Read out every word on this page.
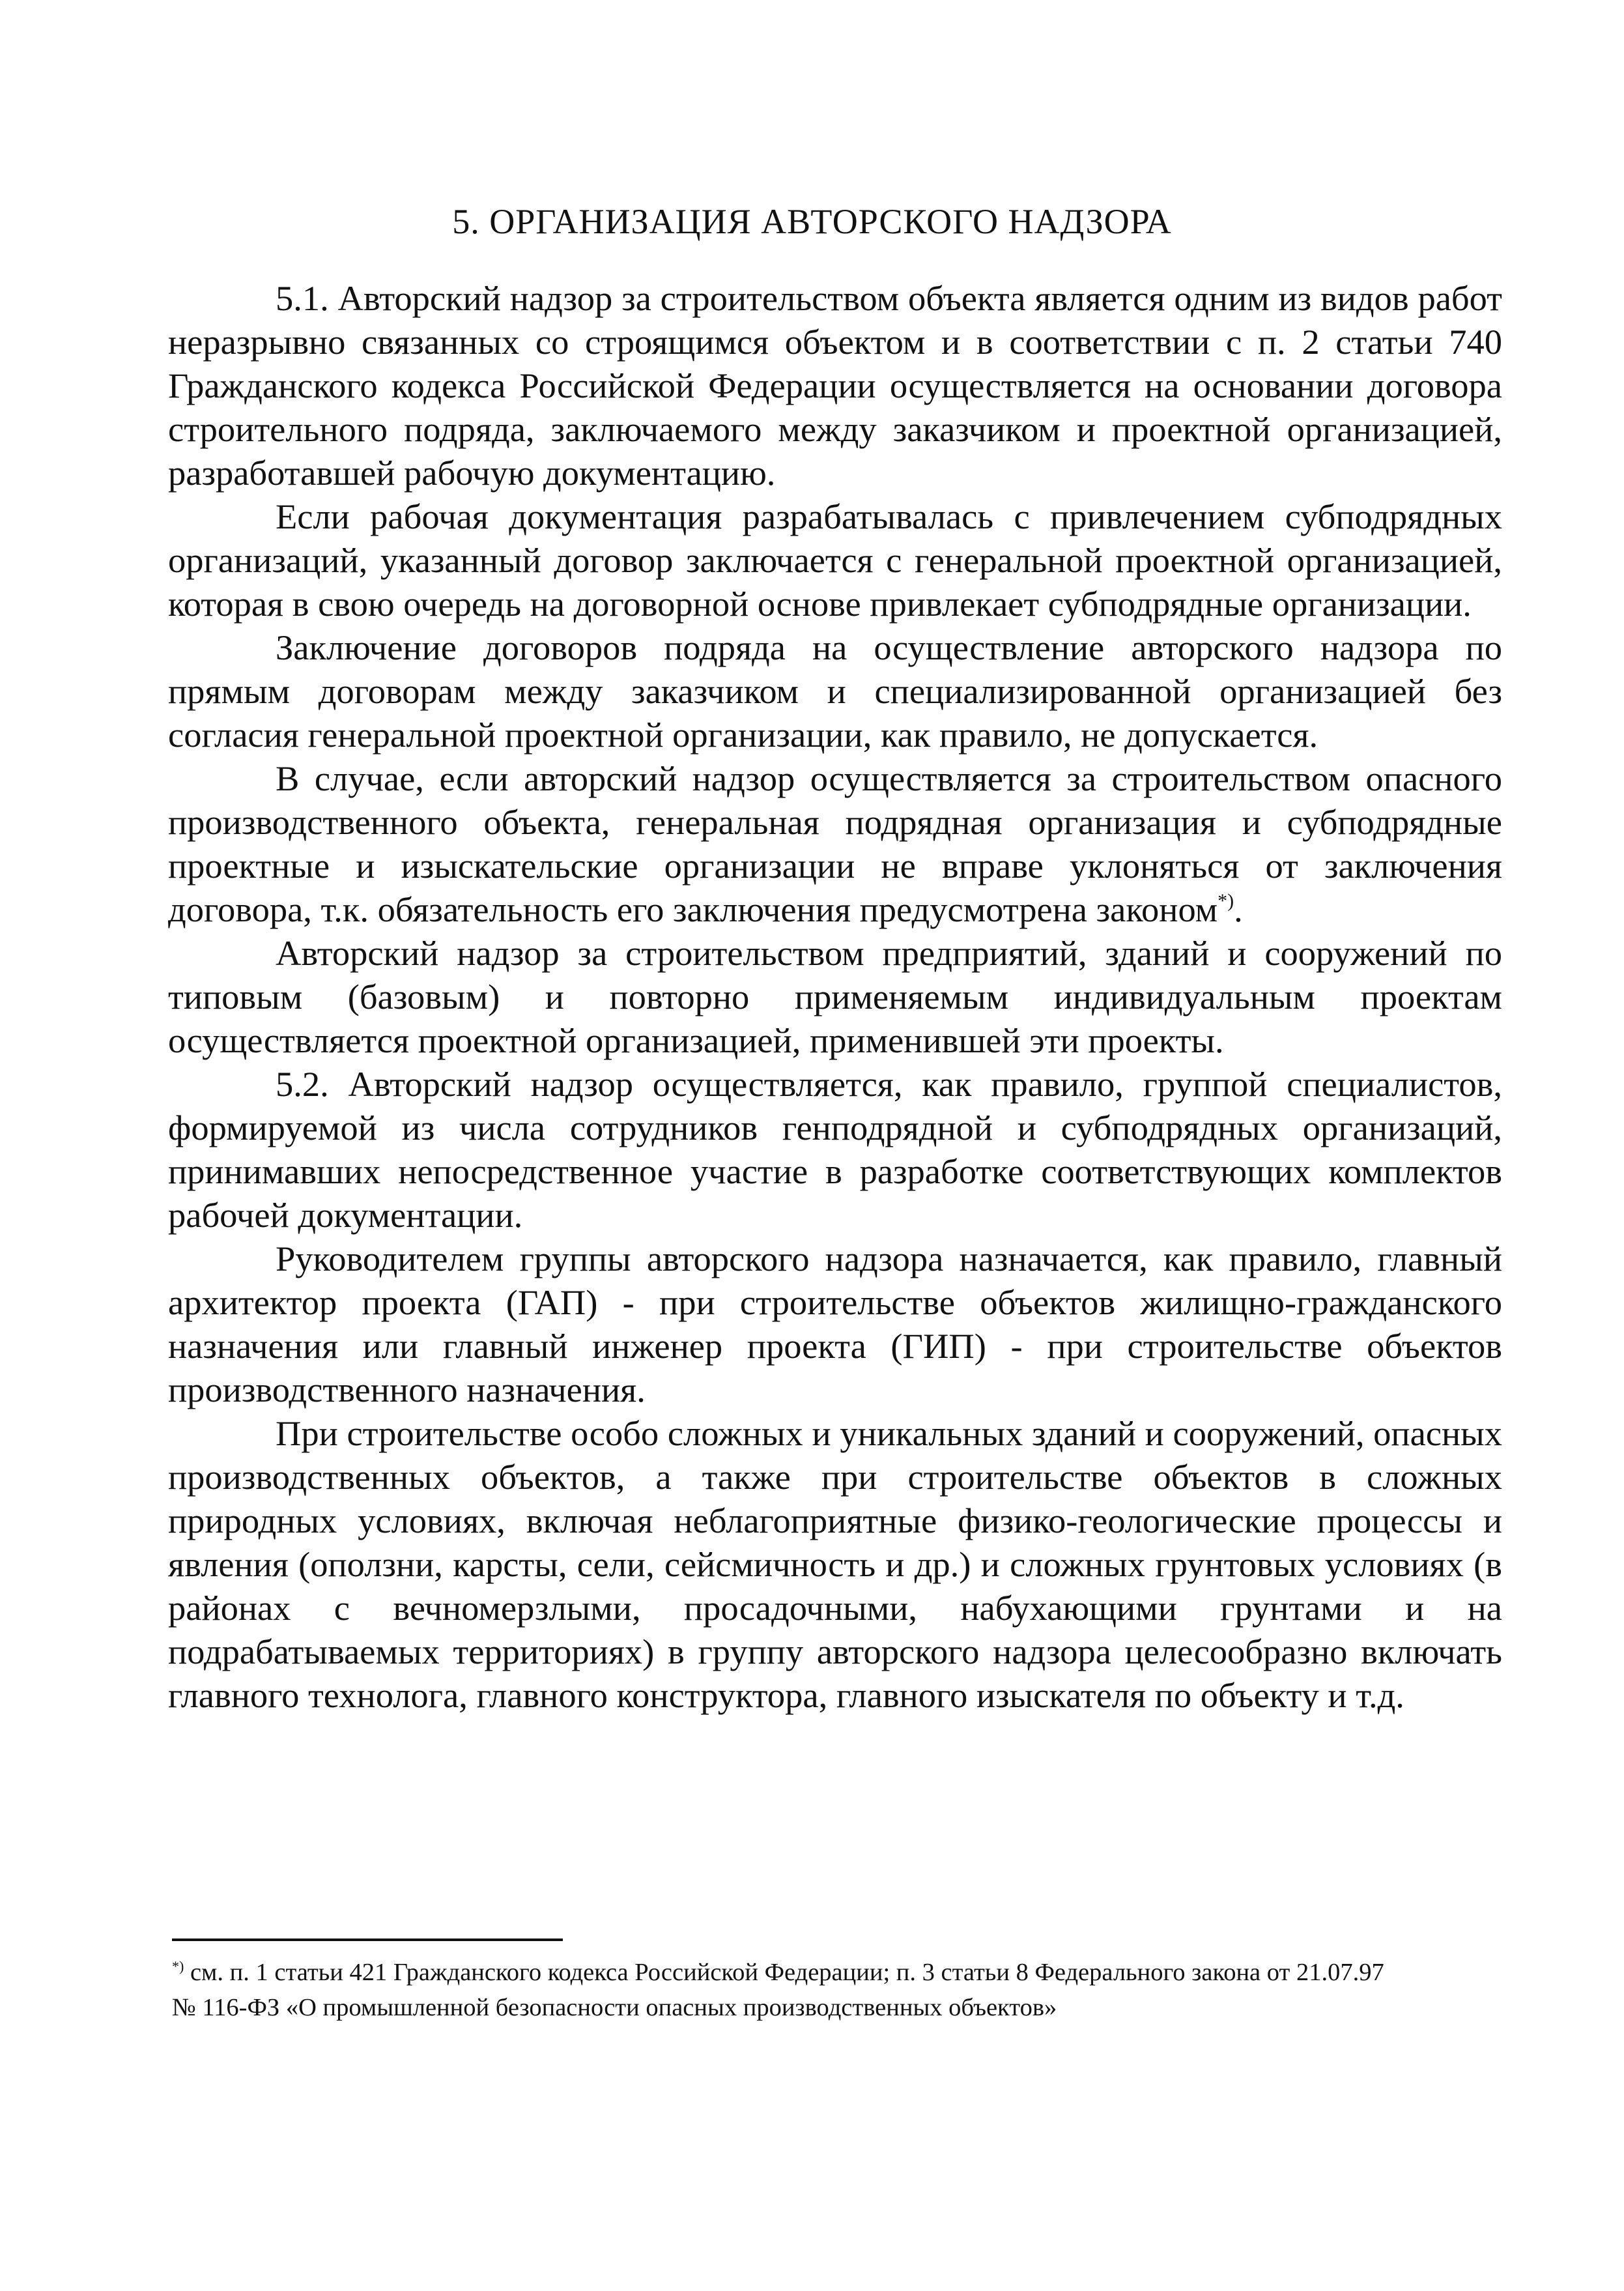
5. ОРГАНИЗАЦИЯ АВТОРСКОГО НАДЗОРА

5.1. Авторский надзор за строительством объекта является одним из видов работ неразрывно связанных со строящимся объектом и в соответствии с п. 2 статьи 740 Гражданского кодекса Российской Федерации осуществляется на основании договора строительного подряда, заключаемого между заказчиком и проектной организацией, разработавшей рабочую документацию.

Если рабочая документация разрабатывалась с привлечением субподрядных организаций, указанный договор заключается с генеральной проектной организацией, которая в свою очередь на договорной основе привлекает субподрядные организации.

Заключение договоров подряда на осуществление авторского надзора по прямым договорам между заказчиком и специализированной организацией без согласия генеральной проектной организации, как правило, не допускается.

В случае, если авторский надзор осуществляется за строительством опасного производственного объекта, генеральная подрядная организация и субподрядные проектные и изыскательские организации не вправе уклоняться от заключения договора, т.к. обязательность его заключения предусмотрена законом*).

Авторский надзор за строительством предприятий, зданий и сооружений по типовым (базовым) и повторно применяемым индивидуальным проектам осуществляется проектной организацией, применившей эти проекты.

5.2. Авторский надзор осуществляется, как правило, группой специалистов, формируемой из числа сотрудников генподрядной и субподрядных организаций, принимавших непосредственное участие в разработке соответствующих комплектов рабочей документации.

Руководителем группы авторского надзора назначается, как правило, главный архитектор проекта (ГАП) - при строительстве объектов жилищно-гражданского назначения или главный инженер проекта (ГИП) - при строительстве объектов производственного назначения.

При строительстве особо сложных и уникальных зданий и сооружений, опасных производственных объектов, а также при строительстве объектов в сложных природных условиях, включая неблагоприятные физико-геологические процессы и явления (оползни, карсты, сели, сейсмичность и др.) и сложных грунтовых условиях (в районах с вечномерзлыми, просадочными, набухающими грунтами и на подрабатываемых территориях) в группу авторского надзора целесообразно включать главного технолога, главного конструктора, главного изыскателя по объекту и т.д.

*) см. п. 1 статьи 421 Гражданского кодекса Российской Федерации; п. 3 статьи 8 Федерального закона от 21.07.97
№ 116-ФЗ «О промышленной безопасности опасных производственных объектов»
